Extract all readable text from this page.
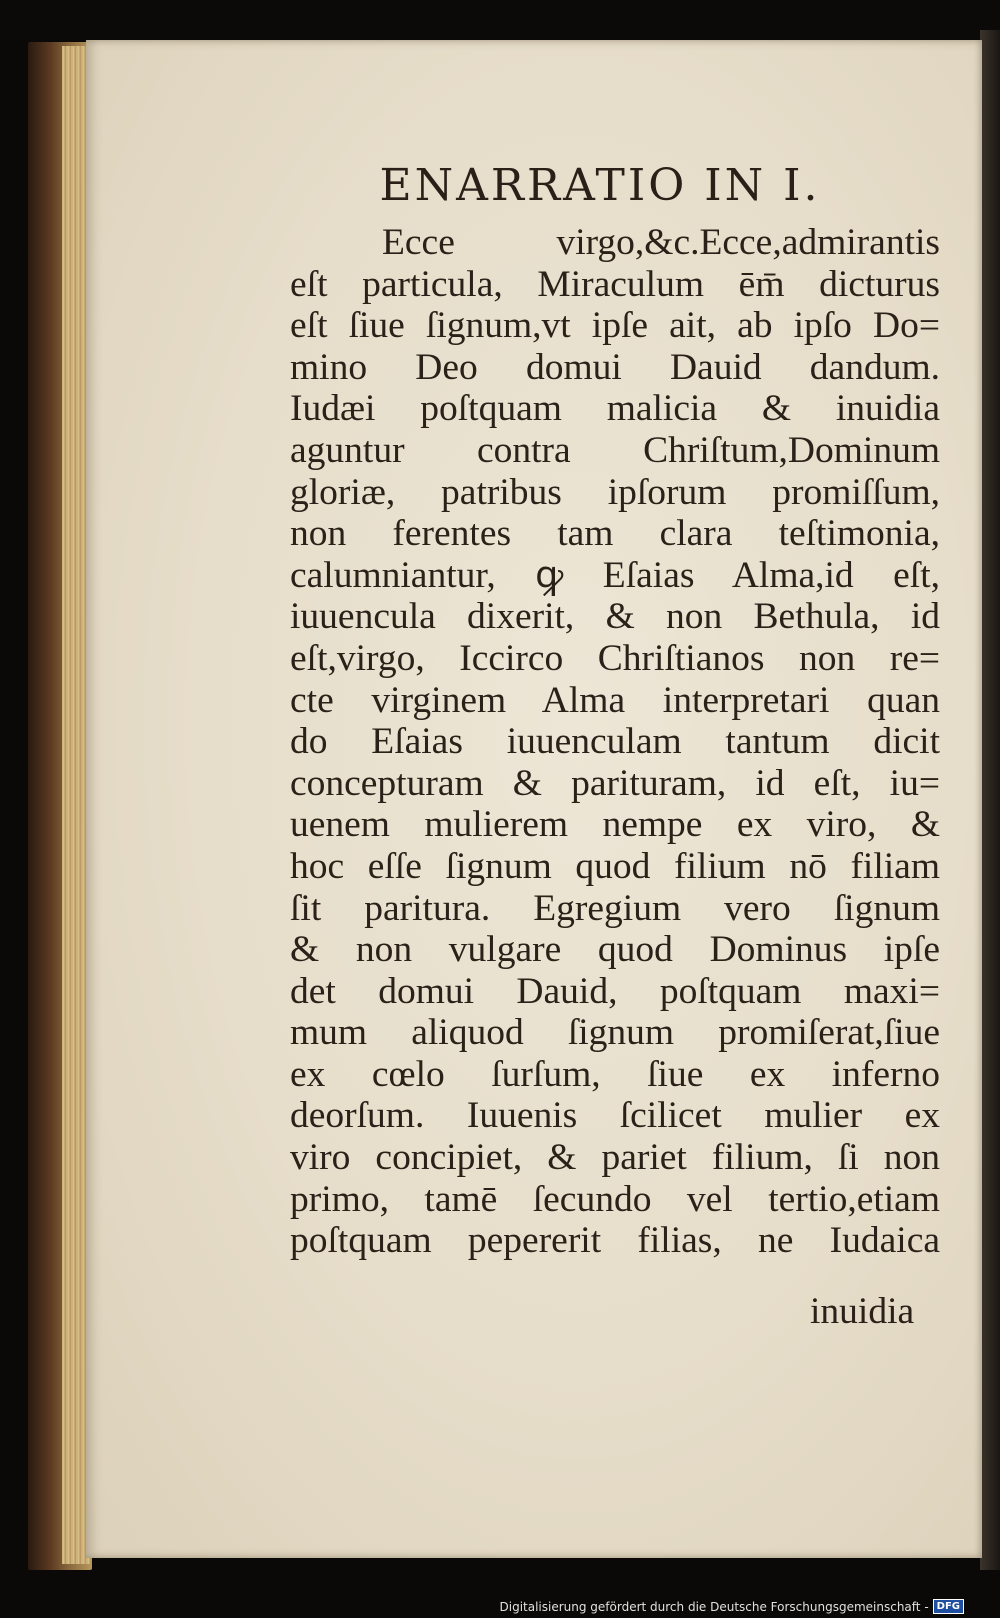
ENARRATIO IN I.
Ecce virgo,&c.Ecce,admirantis
eſt particula, Miraculum ēm̄ dicturus
eſt ſiue ſignum,vt ipſe ait, ab ipſo Do=
mino Deo domui Dauid dandum.
Iudæi poſtquam malicia & inuidia
aguntur contra Chriſtum,Dominum
gloriæ, patribus ipſorum promiſſum,
non ferentes tam clara teſtimonia,
calumniantur, ꝙ Eſaias Alma,id eſt,
iuuencula dixerit, & non Bethula, id
eſt,virgo, Iccirco Chriſtianos non re=
cte virginem Alma interpretari quan
do Eſaias iuuenculam tantum dicit
concepturam & parituram, id eſt, iu=
uenem mulierem nempe ex viro, &
hoc eſſe ſignum quod filium nō filiam
ſit paritura. Egregium vero ſignum
& non vulgare quod Dominus ipſe
det domui Dauid, poſtquam maxi=
mum aliquod ſignum promiſerat,ſiue
ex cœlo ſurſum, ſiue ex inferno
deorſum. Iuuenis ſcilicet mulier ex
viro concipiet, & pariet filium, ſi non
primo, tamē ſecundo vel tertio,etiam
poſtquam pepererit filias, ne Iudaica

inuidia

Digitalisierung gefördert durch die Deutsche Forschungsgemeinschaft - DFG
